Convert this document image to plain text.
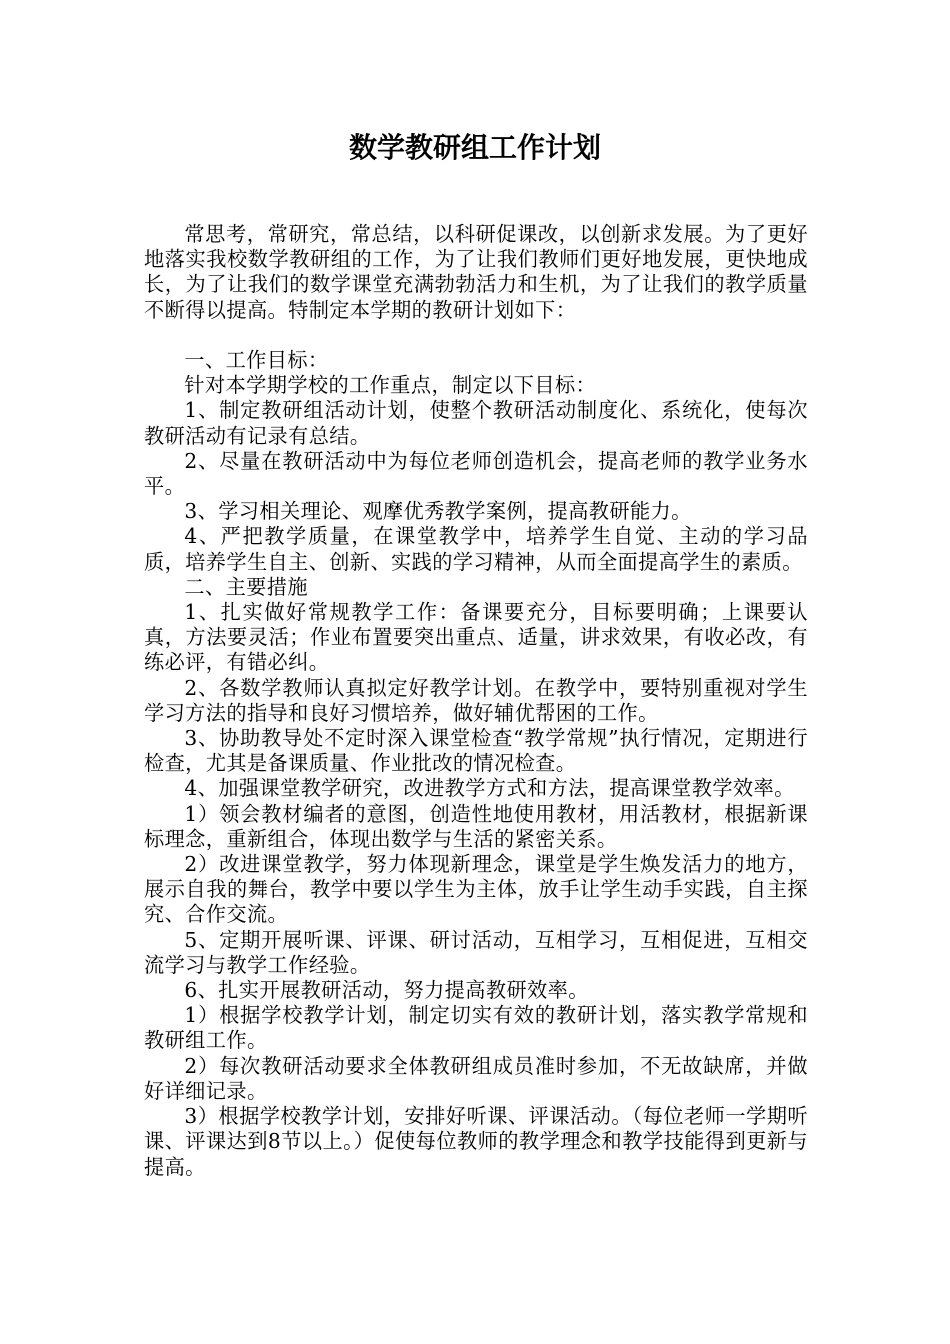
数学教研组工作计划

常思考，常研究，常总结，以科研促课改，以创新求发展。为了更好地落实我校数学教研组的工作，为了让我们教师们更好地发展，更快地成长，为了让我们的数学课堂充满勃勃活力和生机，为了让我们的教学质量不断得以提高。特制定本学期的教研计划如下：

一、工作目标：

针对本学期学校的工作重点，制定以下目标：

1、制定教研组活动计划，使整个教研活动制度化、系统化，使每次教研活动有记录有总结。

2、尽量在教研活动中为每位老师创造机会，提高老师的教学业务水平。

3、学习相关理论、观摩优秀教学案例，提高教研能力。

4、严把教学质量，在课堂教学中，培养学生自觉、主动的学习品质，培养学生自主、创新、实践的学习精神，从而全面提高学生的素质。

二、主要措施

1、扎实做好常规教学工作：备课要充分，目标要明确；上课要认真，方法要灵活；作业布置要突出重点、适量，讲求效果，有收必改，有练必评，有错必纠。

2、各数学教师认真拟定好教学计划。在教学中，要特别重视对学生学习方法的指导和良好习惯培养，做好辅优帮困的工作。

3、协助教导处不定时深入课堂检查“教学常规”执行情况，定期进行检查，尤其是备课质量、作业批改的情况检查。

4、加强课堂教学研究，改进教学方式和方法，提高课堂教学效率。

1）领会教材编者的意图，创造性地使用教材，用活教材，根据新课标理念，重新组合，体现出数学与生活的紧密关系。

2）改进课堂教学，努力体现新理念，课堂是学生焕发活力的地方，展示自我的舞台，教学中要以学生为主体，放手让学生动手实践，自主探究、合作交流。

5、定期开展听课、评课、研讨活动，互相学习，互相促进，互相交流学习与教学工作经验。

6、扎实开展教研活动，努力提高教研效率。

1）根据学校教学计划，制定切实有效的教研计划，落实教学常规和教研组工作。

2）每次教研活动要求全体教研组成员准时参加，不无故缺席，并做好详细记录。

3）根据学校教学计划，安排好听课、评课活动。（每位老师一学期听课、评课达到8节以上。）促使每位教师的教学理念和教学技能得到更新与提高。
